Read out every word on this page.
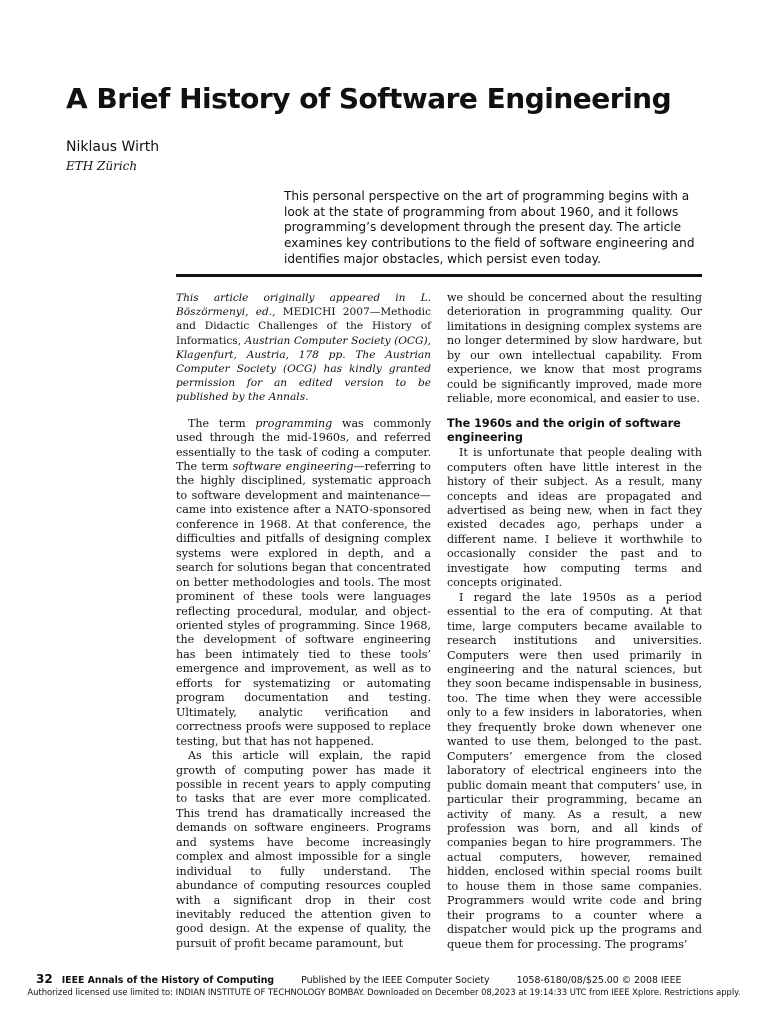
A Brief History of Software Engineering
Niklaus Wirth
ETH Zürich
This personal perspective on the art of programming begins with a look at the state of programming from about 1960, and it follows programming’s development through the present day. The article examines key contributions to the field of software engineering and identifies major obstacles, which persist even today.
This article originally appeared in L. Böszörmenyi, ed., MEDICHI 2007—Methodic and Didactic Challenges of the History of Informatics, Austrian Computer Society (OCG), Klagenfurt, Austria, 178 pp. The Austrian Computer Society (OCG) has kindly granted permission for an edited version to be published by the Annals.

The term programming was commonly used through the mid-1960s, and referred essentially to the task of coding a computer. The term software engineering—referring to the highly disciplined, systematic approach to software development and maintenance—came into existence after a NATO-sponsored conference in 1968. At that conference, the difficulties and pitfalls of designing complex systems were explored in depth, and a search for solutions began that concentrated on better methodologies and tools. The most prominent of these tools were languages reflecting procedural, modular, and object-oriented styles of programming. Since 1968, the development of software engineering has been intimately tied to these tools’ emergence and improvement, as well as to efforts for systematizing or automating program documentation and testing. Ultimately, analytic verification and correctness proofs were supposed to replace testing, but that has not happened.

As this article will explain, the rapid growth of computing power has made it possible in recent years to apply computing to tasks that are ever more complicated. This trend has dramatically increased the demands on software engineers. Programs and systems have become increasingly complex and almost impossible for a single individual to fully understand. The abundance of computing resources coupled with a significant drop in their cost inevitably reduced the attention given to good design. At the expense of quality, the pursuit of profit became paramount, but

we should be concerned about the resulting deterioration in programming quality. Our limitations in designing complex systems are no longer determined by slow hardware, but by our own intellectual capability. From experience, we know that most programs could be significantly improved, made more reliable, more economical, and easier to use.

The 1960s and the origin of software engineering

It is unfortunate that people dealing with computers often have little interest in the history of their subject. As a result, many concepts and ideas are propagated and advertised as being new, when in fact they existed decades ago, perhaps under a different name. I believe it worthwhile to occasionally consider the past and to investigate how computing terms and concepts originated.

I regard the late 1950s as a period essential to the era of computing. At that time, large computers became available to research institutions and universities. Computers were then used primarily in engineering and the natural sciences, but they soon became indispensable in business, too. The time when they were accessible only to a few insiders in laboratories, when they frequently broke down whenever one wanted to use them, belonged to the past. Computers’ emergence from the closed laboratory of electrical engineers into the public domain meant that computers’ use, in particular their programming, became an activity of many. As a result, a new profession was born, and all kinds of companies began to hire programmers. The actual computers, however, remained hidden, enclosed within special rooms built to house them in those same companies. Programmers would write code and bring their programs to a counter where a dispatcher would pick up the programs and queue them for processing. The programs’

32 IEEE Annals of the History of Computing	Published by the IEEE Computer Society	1058-6180/08/$25.00 © 2008 IEEE
Authorized licensed use limited to: INDIAN INSTITUTE OF TECHNOLOGY BOMBAY. Downloaded on December 08,2023 at 19:14:33 UTC from IEEE Xplore. Restrictions apply.
